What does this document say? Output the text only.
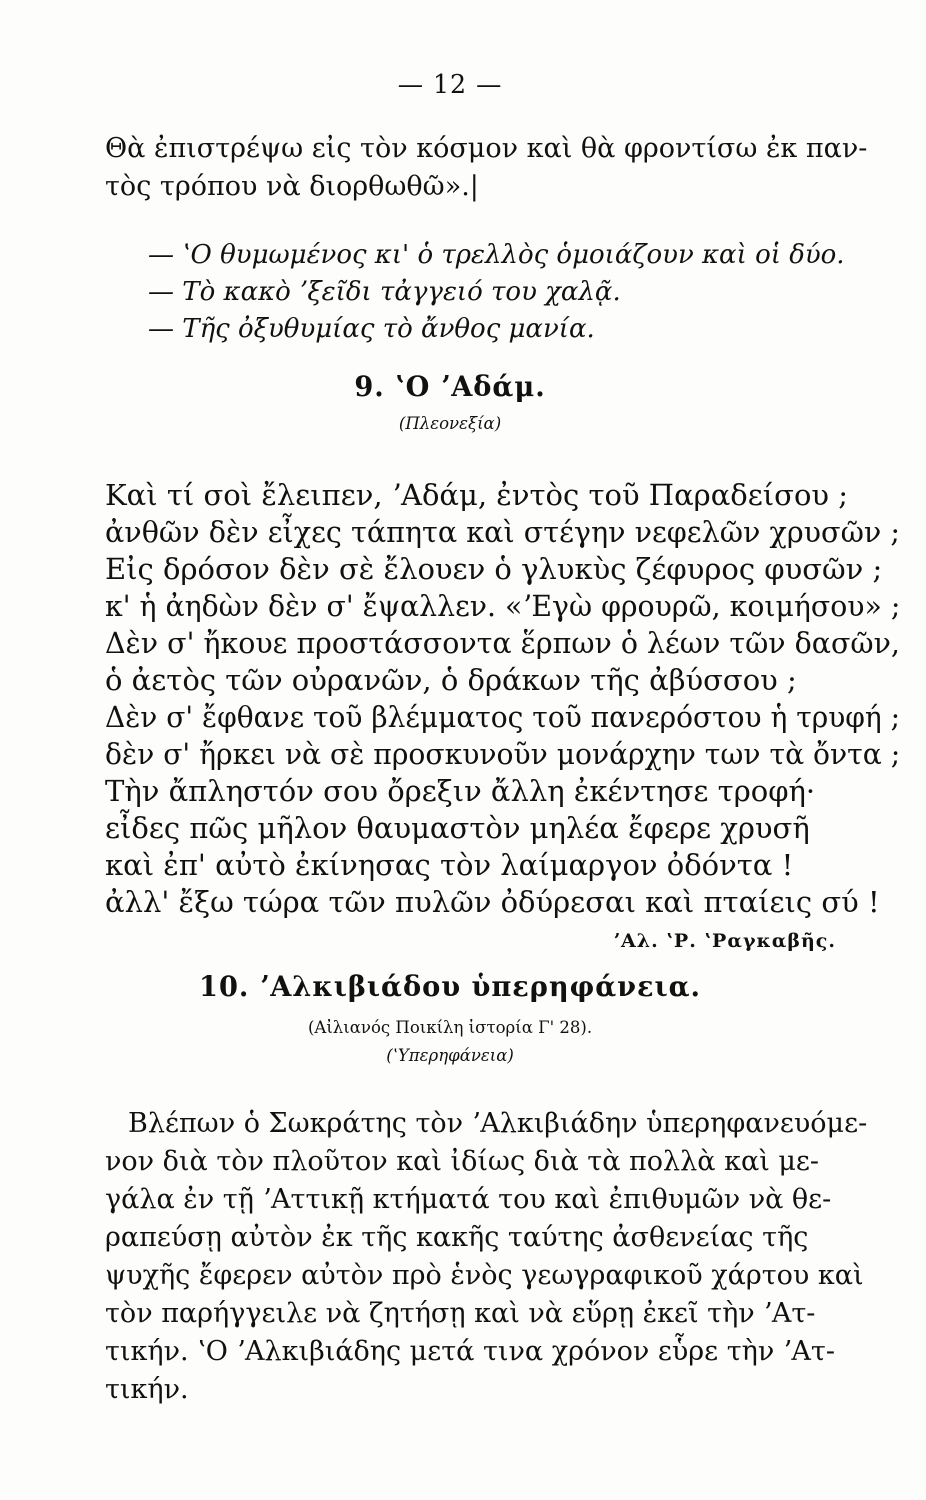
— 12 —
Θὰ ἐπιστρέψω εἰς τὸν κόσμον καὶ θὰ φροντίσω ἐκ παν-
τὸς τρόπου νὰ διορθωθῶ».|
— ʽΟ θυμωμένος κι' ὁ τρελλὸς ὁμοιάζουν καὶ οἱ δύο.
— Τὸ κακὸ ʼξεῖδι τἀγγειό του χαλᾷ.
— Τῆς ὀξυθυμίας τὸ ἄνθος μανία.
9. ʽΟ ʼΑδάμ.
(Πλεονεξία)
Καὶ τί σοὶ ἔλειπεν, ʼΑδάμ, ἐντὸς τοῦ Παραδείσου ;
ἀνθῶν δὲν εἶχες τάπητα καὶ στέγην νεφελῶν χρυσῶν ;
Εἰς δρόσον δὲν σὲ ἔλουεν ὁ γλυκὺς ζέφυρος φυσῶν ;
κ' ἡ ἀηδὼν δὲν σ' ἔψαλλεν. «ʼΕγὼ φρουρῶ, κοιμήσου» ;
Δὲν σ' ἤκουε προστάσσοντα ἕρπων ὁ λέων τῶν δασῶν,
ὁ ἀετὸς τῶν οὐρανῶν, ὁ δράκων τῆς ἀβύσσου ;
Δὲν σ' ἔφθανε τοῦ βλέμματος τοῦ πανερόστου ἡ τρυφή ;
δὲν σ' ἤρκει νὰ σὲ προσκυνοῦν μονάρχην των τὰ ὄντα ;
Τὴν ἄπληστόν σου ὄρεξιν ἄλλη ἐκέντησε τροφή·
εἶδες πῶς μῆλον θαυμαστὸν μηλέα ἔφερε χρυσῆ
καὶ ἐπ' αὐτὸ ἐκίνησας τὸν λαίμαργον ὀδόντα !
ἀλλ' ἔξω τώρα τῶν πυλῶν ὀδύρεσαι καὶ πταίεις σύ !
ʼΑλ. ʽΡ. ʽΡαγκαβῆς.
10. ʼΑλκιβιάδου ὑπερηφάνεια.
(Αἰλιανός Ποικίλη ἱστορία Γ' 28).
(ʽΥπερηφάνεια)
Βλέπων ὁ Σωκράτης τὸν ʼΑλκιβιάδην ὑπερηφανευόμε-
νον διὰ τὸν πλοῦτον καὶ ἰδίως διὰ τὰ πολλὰ καὶ με-
γάλα ἐν τῇ ʼΑττικῇ κτήματά του καὶ ἐπιθυμῶν νὰ θε-
ραπεύσῃ αὐτὸν ἐκ τῆς κακῆς ταύτης ἀσθενείας τῆς
ψυχῆς ἔφερεν αὐτὸν πρὸ ἑνὸς γεωγραφικοῦ χάρτου καὶ
τὸν παρήγγειλε νὰ ζητήσῃ καὶ νὰ εὕρῃ ἐκεῖ τὴν ʼΑτ-
τικήν. ʽΟ ʼΑλκιβιάδης μετά τινα χρόνον εὗρε τὴν ʼΑτ-
τικήν.
